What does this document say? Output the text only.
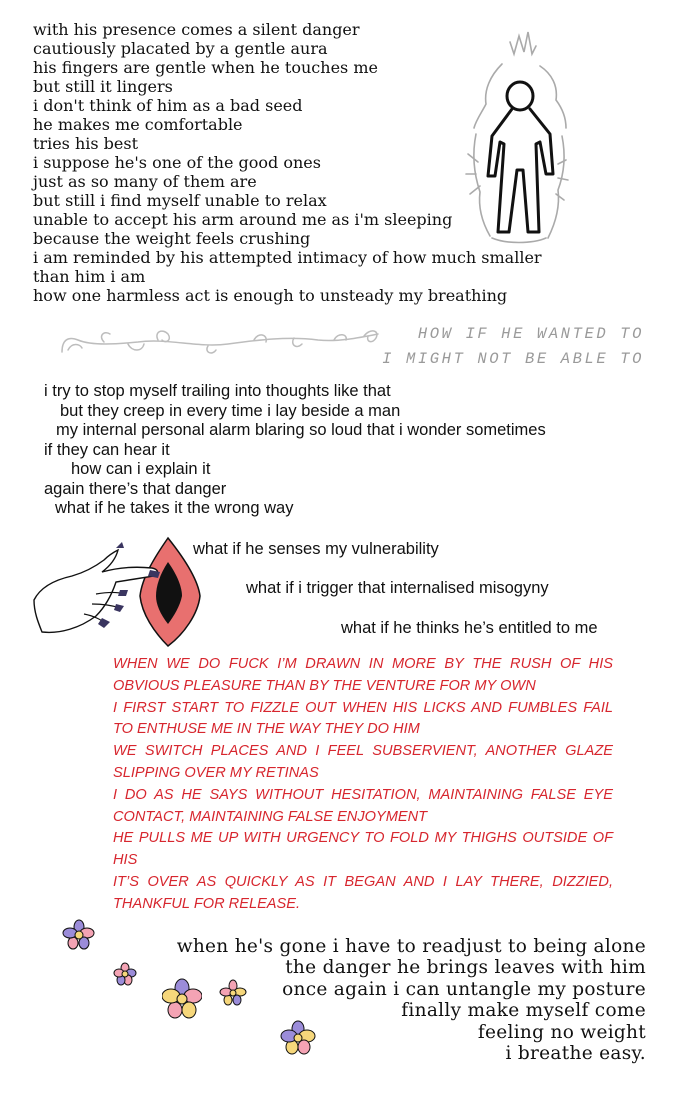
with his presence comes a silent danger
cautiously placated by a gentle aura
his fingers are gentle when he touches me
but still it lingers
i don't think of him as a bad seed
he makes me comfortable
tries his best
i suppose he's one of the good ones
just as so many of them are
but still i find myself unable to relax
unable to accept his arm around me as i'm sleeping
because the weight feels crushing
i am reminded by his attempted intimacy of how much smaller
than him i am
how one harmless act is enough to unsteady my breathing
HOW IF HE WANTED TO
I MIGHT NOT BE ABLE TO
i try to stop myself trailing into thoughts like that
but they creep in every time i lay beside a man
my internal personal alarm blaring so loud that i wonder sometimes
if they can hear it
how can i explain it
again there’s that danger
what if he takes it the wrong way
what if he senses my vulnerability
what if i trigger that internalised misogyny
what if he thinks he’s entitled to me
WHEN WE DO FUCK I’M DRAWN IN MORE BY THE RUSH OF HIS OBVIOUS PLEASURE THAN BY THE VENTURE FOR MY OWN
I FIRST START TO FIZZLE OUT WHEN HIS LICKS AND FUMBLES FAIL TO ENTHUSE ME IN THE WAY THEY DO HIM
WE SWITCH PLACES AND I FEEL SUBSERVIENT, ANOTHER GLAZE SLIPPING OVER MY RETINAS
I DO AS HE SAYS WITHOUT HESITATION, MAINTAINING FALSE EYE CONTACT, MAINTAINING FALSE ENJOYMENT
HE PULLS ME UP WITH URGENCY TO FOLD MY THIGHS OUTSIDE OF HIS
IT’S OVER AS QUICKLY AS IT BEGAN AND I LAY THERE, DIZZIED, THANKFUL FOR RELEASE.
when he's gone i have to readjust to being alone
the danger he brings leaves with him
once again i can untangle my posture
finally make myself come
feeling no weight
i breathe easy.
